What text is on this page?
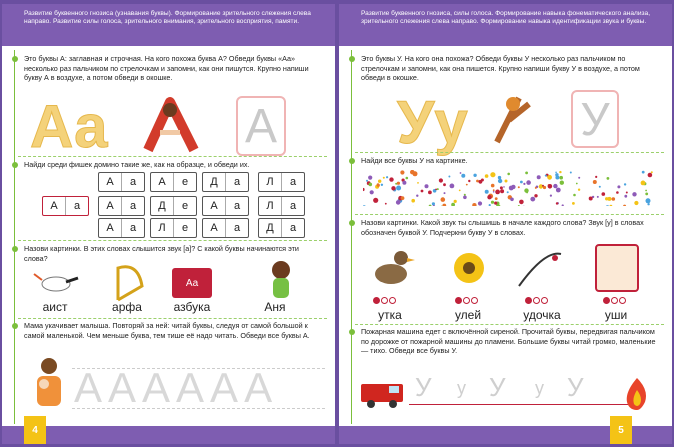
Развитие буквенного гнозиса (узнавания буквы). Формирование зрительного слежения слева направо. Развитие силы голоса, зрительного внимания, зрительного восприятия, памяти.
Это буквы А: заглавная и строчная. На кого похожа буква А? Обведи буквы «Аа» несколько раз пальчиком по стрелочкам и запомни, как они пишутся. Крупно напиши букву А в воздухе, а потом обведи в окошке.
Аа	А
Найди среди фишек домино такие же, как на образце, и обведи их.
А	а
А	а	А	е	Д	а	Л	а
А	а	Д	е	А	а	Л	а
А	а	Л	е	А	а	Д	а
Назови картинки. В этих словах слышится звук [а]? С какой буквы начинаются эти слова?
Аа
аист	арфа	азбука	Аня
Мама укачивает малыша. Повторяй за ней: читай буквы, следуя от самой большой к самой маленькой. Чем меньше буква, тем тише её надо читать. Обведи все буквы А.
АААААА
4
Развитие буквенного гнозиса, силы голоса. Формирование навыка фонематического анализа, зрительного слежения слева направо. Формирование навыка идентификации звука и буквы.
Это буквы У. На кого она похожа? Обведи буквы У несколько раз пальчиком по стрелочкам и запомни, как она пишется. Крупно напиши букву У в воздухе, а потом обведи в окошке.
Уу У
Найди все буквы У на картинке.
Назови картинки. Какой звук ты слышишь в начале каждого слова? Звук [у] в словах обозначен буквой У. Подчеркни букву У в словах.
утка	улей	удочка	уши
Пожарная машина едет с включённой сиреной. Прочитай буквы, передвигая пальчиком по дорожке от пожарной машины до пламени. Большие буквы читай громко, маленькие — тихо. Обведи все буквы У.
У у У у У
5
